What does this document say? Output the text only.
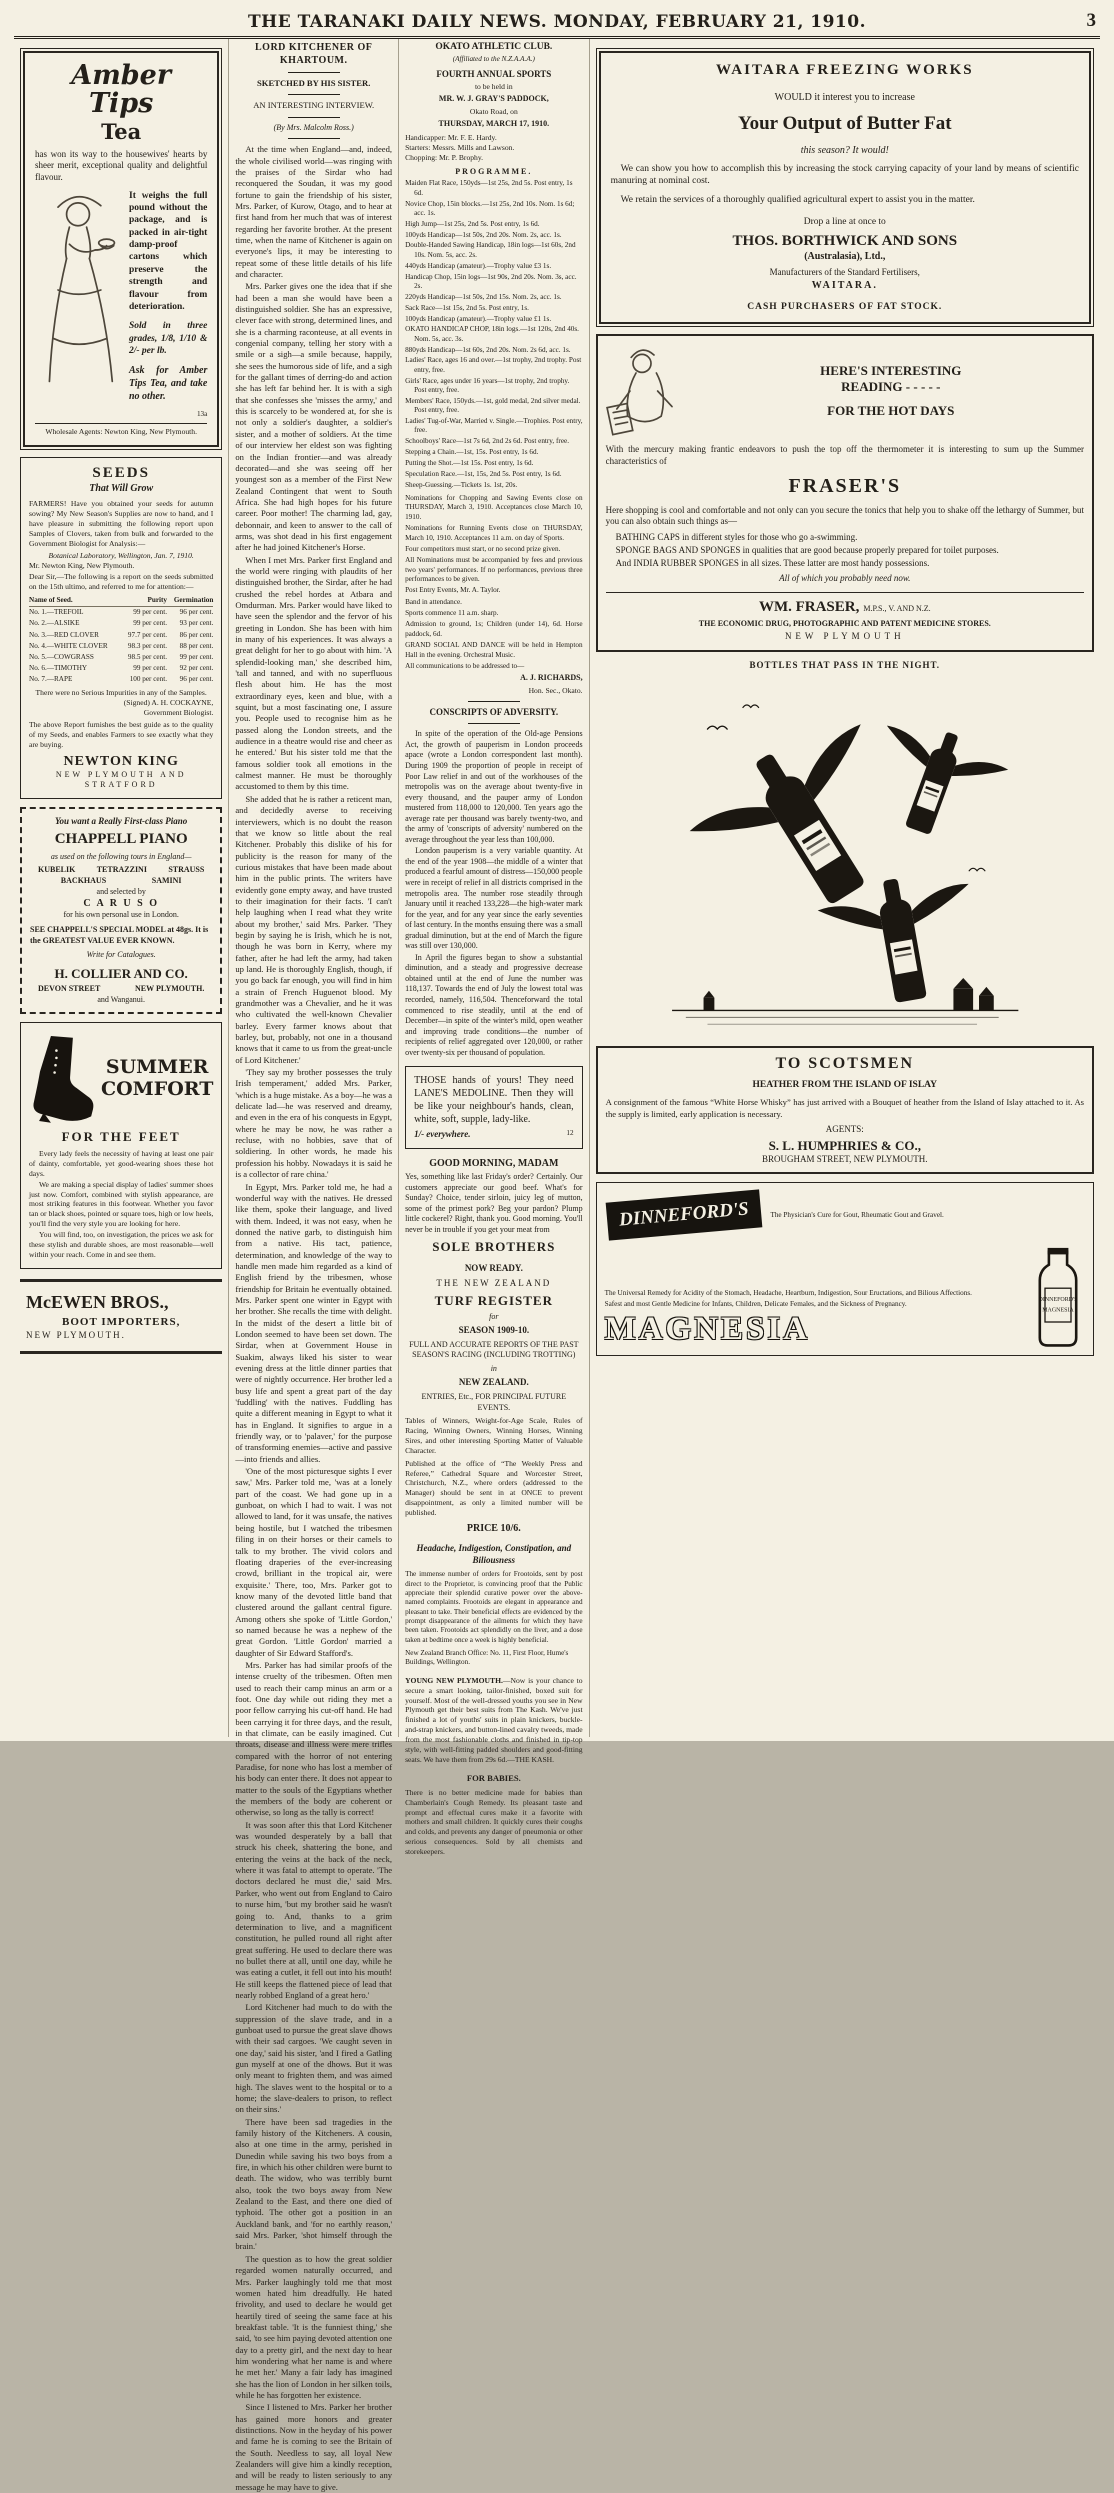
THE TARANAKI DAILY NEWS. MONDAY, FEBRUARY 21, 1910.	3
Amber Tips
Tea
has won its way to the housewives' hearts by sheer merit, exceptional quality and delightful flavour.
It weighs the full pound without the package, and is packed in air-tight damp-proof cartons which preserve the strength and flavour from deterioration.
Sold in three grades, 1/8, 1/10 & 2/- per lb.
Ask for Amber Tips Tea, and take no other.
13a
Wholesale Agents: Newton King, New Plymouth.
SEEDS
That Will Grow
FARMERS! Have you obtained your seeds for autumn sowing? My New Season's Supplies are now to hand, and I have pleasure in submitting the following report upon Samples of Clovers, taken from bulk and forwarded to the Government Biologist for Analysis:—
Botanical Laboratory, Wellington, Jan. 7, 1910.
Mr. Newton King, New Plymouth.
Dear Sir,—The following is a report on the seeds submitted on the 15th ultimo, and referred to me for attention:—
Name of Seed.	Purity	Germination
No. 1.—TREFOIL	99 per cent.	96 per cent.
No. 2.—ALSIKE	99 per cent.	93 per cent.
No. 3.—RED CLOVER	97.7 per cent.	86 per cent.
No. 4.—WHITE CLOVER	98.3 per cent.	88 per cent.
No. 5.—COWGRASS	98.5 per cent.	99 per cent.
No. 6.—TIMOTHY	99 per cent.	92 per cent.
No. 7.—RAPE	100 per cent.	96 per cent.
There were no Serious Impurities in any of the Samples.
(Signed) A. H. COCKAYNE,
Government Biologist.
The above Report furnishes the best guide as to the quality of my Seeds, and enables Farmers to see exactly what they are buying.
NEWTON KING
NEW PLYMOUTH AND STRATFORD
You want a Really First-class Piano
CHAPPELL PIANO
as used on the following tours in England—
KUBELIK	TETRAZZINI	STRAUSS
BACKHAUS	SAMINI
and selected by
C A R U S O
for his own personal use in London.
SEE CHAPPELL'S SPECIAL MODEL at 48gs. It is the GREATEST VALUE EVER KNOWN.
Write for Catalogues.
H. COLLIER AND CO.
DEVON STREET	NEW PLYMOUTH.
and Wanganui.
SUMMER
COMFORT
FOR THE FEET
Every lady feels the necessity of having at least one pair of dainty, comfortable, yet good-wearing shoes these hot days.
We are making a special display of ladies' summer shoes just now. Comfort, combined with stylish appearance, are most striking features in this footwear. Whether you favor tan or black shoes, pointed or square toes, high or low heels, you'll find the very style you are looking for here.
You will find, too, on investigation, the prices we ask for these stylish and durable shoes, are most reasonable—well within your reach. Come in and see them.
McEWEN BROS.,
BOOT IMPORTERS,
NEW PLYMOUTH.
LORD KITCHENER OF KHARTOUM.
SKETCHED BY HIS SISTER.
AN INTERESTING INTERVIEW.
(By Mrs. Malcolm Ross.)
At the time when England—and, indeed, the whole civilised world—was ringing with the praises of the Sirdar who had reconquered the Soudan, it was my good fortune to gain the friendship of his sister, Mrs. Parker, of Kurow, Otago, and to hear at first hand from her much that was of interest regarding her favorite brother. At the present time, when the name of Kitchener is again on everyone's lips, it may be interesting to repeat some of these little details of his life and character.
Mrs. Parker gives one the idea that if she had been a man she would have been a distinguished soldier. She has an expressive, clever face with strong, determined lines, and she is a charming raconteuse, at all events in congenial company, telling her story with a smile or a sigh—a smile because, happily, she sees the humorous side of life, and a sigh for the gallant times of derring-do and action she has left far behind her. It is with a sigh that she confesses she 'misses the army,' and this is scarcely to be wondered at, for she is not only a soldier's daughter, a soldier's sister, and a mother of soldiers. At the time of our interview her eldest son was fighting on the Indian frontier—and was already decorated—and she was seeing off her youngest son as a member of the First New Zealand Contingent that went to South Africa. She had high hopes for his future career. Poor mother! The charming lad, gay, debonnair, and keen to answer to the call of arms, was shot dead in his first engagement after he had joined Kitchener's Horse.
When I met Mrs. Parker first England and the world were ringing with plaudits of her distinguished brother, the Sirdar, after he had crushed the rebel hordes at Atbara and Omdurman. Mrs. Parker would have liked to have seen the splendor and the fervor of his greeting in London. She has been with him in many of his experiences. It was always a great delight for her to go about with him. 'A splendid-looking man,' she described him, 'tall and tanned, and with no superfluous flesh about him. He has the most extraordinary eyes, keen and blue, with a squint, but a most fascinating one, I assure you. People used to recognise him as he passed along the London streets, and the audience in a theatre would rise and cheer as he entered.' But his sister told me that the famous soldier took all emotions in the calmest manner. He must be thoroughly accustomed to them by this time.
She added that he is rather a reticent man, and decidedly averse to receiving interviewers, which is no doubt the reason that we know so little about the real Kitchener. Probably this dislike of his for publicity is the reason for many of the curious mistakes that have been made about him in the public prints. The writers have evidently gone empty away, and have trusted to their imagination for their facts. 'I can't help laughing when I read what they write about my brother,' said Mrs. Parker. 'They begin by saying he is Irish, which he is not, though he was born in Kerry, where my father, after he had left the army, had taken up land. He is thoroughly English, though, if you go back far enough, you will find in him a strain of French Huguenot blood. My grandmother was a Chevalier, and he it was who cultivated the well-known Chevalier barley. Every farmer knows about that barley, but, probably, not one in a thousand knows that it came to us from the great-uncle of Lord Kitchener.'
'They say my brother possesses the truly Irish temperament,' added Mrs. Parker, 'which is a huge mistake. As a boy—he was a delicate lad—he was reserved and dreamy, and even in the era of his conquests in Egypt, where he may be now, he was rather a recluse, with no hobbies, save that of soldiering. In other words, he made his profession his hobby. Nowadays it is said he is a collector of rare china.'
In Egypt, Mrs. Parker told me, he had a wonderful way with the natives. He dressed like them, spoke their language, and lived with them. Indeed, it was not easy, when he donned the native garb, to distinguish him from a native. His tact, patience, determination, and knowledge of the way to handle men made him regarded as a kind of English friend by the tribesmen, whose friendship for Britain he eventually obtained. Mrs. Parker spent one winter in Egypt with her brother. She recalls the time with delight. In the midst of the desert a little bit of London seemed to have been set down. The Sirdar, when at Government House in Suakim, always liked his sister to wear evening dress at the little dinner parties that were of nightly occurrence. Her brother led a busy life and spent a great part of the day 'fuddling' with the natives. Fuddling has quite a different meaning in Egypt to what it has in England. It signifies to argue in a friendly way, or to 'palaver,' for the purpose of transforming enemies—active and passive—into friends and allies.
'One of the most picturesque sights I ever saw,' Mrs. Parker told me, 'was at a lonely part of the coast. We had gone up in a gunboat, on which I had to wait. I was not allowed to land, for it was unsafe, the natives being hostile, but I watched the tribesmen filing in on their horses or their camels to talk to my brother. The vivid colors and floating draperies of the ever-increasing crowd, brilliant in the tropical air, were exquisite.' There, too, Mrs. Parker got to know many of the devoted little band that clustered around the gallant central figure. Among others she spoke of 'Little Gordon,' so named because he was a nephew of the great Gordon. 'Little Gordon' married a daughter of Sir Edward Stafford's.
Mrs. Parker has had similar proofs of the intense cruelty of the tribesmen. Often men used to reach their camp minus an arm or a foot. One day while out riding they met a poor fellow carrying his cut-off hand. He had been carrying it for three days, and the result, in that climate, can be easily imagined. Cut throats, disease and illness were mere trifles compared with the horror of not entering Paradise, for none who has lost a member of his body can enter there. It does not appear to matter to the souls of the Egyptians whether the members of the body are coherent or otherwise, so long as the tally is correct!
It was soon after this that Lord Kitchener was wounded desperately by a ball that struck his cheek, shattering the bone, and entering the veins at the back of the neck, where it was fatal to attempt to operate. 'The doctors declared he must die,' said Mrs. Parker, who went out from England to Cairo to nurse him, 'but my brother said he wasn't going to. And, thanks to a grim determination to live, and a magnificent constitution, he pulled round all right after great suffering. He used to declare there was no bullet there at all, until one day, while he was eating a cutlet, it fell out into his mouth! He still keeps the flattened piece of lead that nearly robbed England of a great hero.'
Lord Kitchener had much to do with the suppression of the slave trade, and in a gunboat used to pursue the great slave dhows with their sad cargoes. 'We caught seven in one day,' said his sister, 'and I fired a Gatling gun myself at one of the dhows. But it was only meant to frighten them, and was aimed high. The slaves went to the hospital or to a home; the slave-dealers to prison, to reflect on their sins.'
There have been sad tragedies in the family history of the Kitcheners. A cousin, also at one time in the army, perished in Dunedin while saving his two boys from a fire, in which his other children were burnt to death. The widow, who was terribly burnt also, took the two boys away from New Zealand to the East, and there one died of typhoid. The other got a position in an Auckland bank, and 'for no earthly reason,' said Mrs. Parker, 'shot himself through the brain.'
The question as to how the great soldier regarded women naturally occurred, and Mrs. Parker laughingly told me that most women hated him dreadfully. He hated frivolity, and used to declare he would get heartily tired of seeing the same face at his breakfast table. 'It is the funniest thing,' she said, 'to see him paying devoted attention one day to a pretty girl, and the next day to hear him wondering what her name is and where he met her.' Many a fair lady has imagined she has the lion of London in her silken toils, while he has forgotten her existence.
Since I listened to Mrs. Parker her brother has gained more honors and greater distinctions. Now in the heyday of his power and fame he is coming to see the Britain of the South. Needless to say, all loyal New Zealanders will give him a kindly reception, and will be ready to listen seriously to any message he may have to give.
OKATO ATHLETIC CLUB.
(Affiliated to the N.Z.A.A.A.)
FOURTH ANNUAL SPORTS
to be held in
MR. W. J. GRAY'S PADDOCK,
Okato Road, on
THURSDAY, MARCH 17, 1910.
Handicapper: Mr. F. E. Hardy.
Starters: Messrs. Mills and Lawson.
Chopping: Mr. P. Brophy.
PROGRAMME.
Maiden Flat Race, 150yds—1st 25s, 2nd 5s. Post entry, 1s 6d.
Novice Chop, 15in blocks.—1st 25s, 2nd 10s. Nom. 1s 6d; acc. 1s.
High Jump—1st 25s, 2nd 5s. Post entry, 1s 6d.
100yds Handicap—1st 50s, 2nd 20s. Nom. 2s, acc. 1s.
Double-Handed Sawing Handicap, 18in logs—1st 60s, 2nd 10s. Nom. 5s, acc. 2s.
440yds Handicap (amateur).—Trophy value £3 1s.
Handicap Chop, 15in logs—1st 90s, 2nd 20s. Nom. 3s, acc. 2s.
220yds Handicap—1st 50s, 2nd 15s. Nom. 2s, acc. 1s.
Sack Race—1st 15s, 2nd 5s. Post entry, 1s.
100yds Handicap (amateur).—Trophy value £1 1s.
OKATO HANDICAP CHOP, 18in logs.—1st 120s, 2nd 40s. Nom. 5s, acc. 3s.
880yds Handicap—1st 60s, 2nd 20s. Nom. 2s 6d, acc. 1s.
Ladies' Race, ages 16 and over.—1st trophy, 2nd trophy. Post entry, free.
Girls' Race, ages under 16 years—1st trophy, 2nd trophy. Post entry, free.
Members' Race, 150yds.—1st, gold medal, 2nd silver medal. Post entry, free.
Ladies' Tug-of-War, Married v. Single.—Trophies. Post entry, free.
Schoolboys' Race—1st 7s 6d, 2nd 2s 6d. Post entry, free.
Stepping a Chain.—1st, 15s. Post entry, 1s 6d.
Putting the Shot.—1st 15s. Post entry, 1s 6d.
Speculation Race.—1st, 15s, 2nd 5s. Post entry, 1s 6d.
Sheep-Guessing.—Tickets 1s. 1st, 20s.
Nominations for Chopping and Sawing Events close on THURSDAY, March 3, 1910. Acceptances close March 10, 1910.
Nominations for Running Events close on THURSDAY, March 10, 1910. Acceptances 11 a.m. on day of Sports.
Four competitors must start, or no second prize given.
All Nominations must be accompanied by fees and previous two years' performances. If no performances, previous three performances to be given.
Post Entry Events, Mr. A. Taylor.
Band in attendance.
Sports commence 11 a.m. sharp.
Admission to ground, 1s; Children (under 14), 6d. Horse paddock, 6d.
GRAND SOCIAL AND DANCE will be held in Hempton Hall in the evening. Orchestral Music.
All communications to be addressed to—
A. J. RICHARDS,
Hon. Sec., Okato.
CONSCRIPTS OF ADVERSITY.
In spite of the operation of the Old-age Pensions Act, the growth of pauperism in London proceeds apace (wrote a London correspondent last month). During 1909 the proportion of people in receipt of Poor Law relief in and out of the workhouses of the metropolis was on the average about twenty-five in every thousand, and the pauper army of London mustered from 118,000 to 120,000. Ten years ago the average rate per thousand was barely twenty-two, and the army of 'conscripts of adversity' numbered on the average throughout the year less than 100,000.
London pauperism is a very variable quantity. At the end of the year 1908—the middle of a winter that produced a fearful amount of distress—150,000 people were in receipt of relief in all districts comprised in the metropolis area. The number rose steadily through January until it reached 133,228—the high-water mark for the year, and for any year since the early seventies of last century. In the months ensuing there was a small gradual diminution, but at the end of March the figure was still over 130,000.
In April the figures began to show a substantial diminution, and a steady and progressive decrease obtained until at the end of June the number was 118,137. Towards the end of July the lowest total was recorded, namely, 116,504. Thenceforward the total commenced to rise steadily, until at the end of December—in spite of the winter's mild, open weather and improving trade conditions—the number of recipients of relief aggregated over 120,000, or rather over twenty-six per thousand of population.
THOSE hands of yours! They need LANE'S MEDOLINE. Then they will be like your neighbour's hands, clean, white, soft, supple, lady-like.
1/- everywhere.	12
GOOD MORNING, MADAM
Yes, something like last Friday's order? Certainly. Our customers appreciate our good beef. What's for Sunday? Choice, tender sirloin, juicy leg of mutton, some of the primest pork? Beg your pardon? Plump little cockerel? Right, thank you. Good morning. You'll never be in trouble if you get your meat from
SOLE BROTHERS
NOW READY.
THE NEW ZEALAND
TURF REGISTER
for
SEASON 1909-10.
FULL AND ACCURATE REPORTS OF THE PAST SEASON'S RACING (INCLUDING TROTTING)
in
NEW ZEALAND.
ENTRIES, Etc., FOR PRINCIPAL FUTURE EVENTS.
Tables of Winners, Weight-for-Age Scale, Rules of Racing, Winning Owners, Winning Horses, Winning Sires, and other interesting Sporting Matter of Valuable Character.
Published at the office of “The Weekly Press and Referee,” Cathedral Square and Worcester Street, Christchurch, N.Z., where orders (addressed to the Manager) should be sent in at ONCE to prevent disappointment, as only a limited number will be published.
PRICE 10/6.
Headache, Indigestion, Constipation, and Biliousness
The immense number of orders for Frootoids, sent by post direct to the Proprietor, is convincing proof that the Public appreciate their splendid curative power over the above-named complaints. Frootoids are elegant in appearance and pleasant to take. Their beneficial effects are evidenced by the prompt disappearance of the ailments for which they have been taken. Frootoids act splendidly on the liver, and a dose taken at bedtime once a week is highly beneficial.
New Zealand Branch Office: No. 11, First Floor, Hume's Buildings, Wellington.
YOUNG NEW PLYMOUTH.—Now is your chance to secure a smart looking, tailor-finished, boxed suit for yourself. Most of the well-dressed youths you see in New Plymouth get their best suits from The Kash. We've just finished a lot of youths' suits in plain knickers, buckle-and-strap knickers, and button-lined cavalry tweeds, made from the most fashionable cloths and finished in tip-top style, with well-fitting padded shoulders and good-fitting seats. We have them from 29s 6d.—THE KASH.
FOR BABIES.
There is no better medicine made for babies than Chamberlain's Cough Remedy. Its pleasant taste and prompt and effectual cures make it a favorite with mothers and small children. It quickly cures their coughs and colds, and prevents any danger of pneumonia or other serious consequences. Sold by all chemists and storekeepers.
WAITARA FREEZING WORKS
WOULD it interest you to increase
Your Output of Butter Fat
this season? It would!
We can show you how to accomplish this by increasing the stock carrying capacity of your land by means of scientific manuring at nominal cost.
We retain the services of a thoroughly qualified agricultural expert to assist you in the matter.
Drop a line at once to
THOS. BORTHWICK AND SONS
(Australasia), Ltd.,
Manufacturers of the Standard Fertilisers,
WAITARA.
CASH PURCHASERS OF FAT STOCK.
HERE'S INTERESTING
READING - - - - -
FOR THE HOT DAYS
With the mercury making frantic endeavors to push the top off the thermometer it is interesting to sum up the Summer characteristics of
FRASER'S
Here shopping is cool and comfortable and not only can you secure the tonics that help you to shake off the lethargy of Summer, but you can also obtain such things as—
BATHING CAPS in different styles for those who go a-swimming.
SPONGE BAGS AND SPONGES in qualities that are good because properly prepared for toilet purposes.
And INDIA RUBBER SPONGES in all sizes. These latter are most handy possessions.
All of which you probably need now.
WM. FRASER, M.P.S., V. AND N.Z.
THE ECONOMIC DRUG, PHOTOGRAPHIC AND PATENT MEDICINE STORES.
NEW PLYMOUTH
BOTTLES THAT PASS IN THE NIGHT.
TO SCOTSMEN
HEATHER FROM THE ISLAND OF ISLAY
A consignment of the famous “White Horse Whisky” has just arrived with a Bouquet of heather from the Island of Islay attached to it. As the supply is limited, early application is necessary.
AGENTS:
S. L. HUMPHRIES & CO.,
BROUGHAM STREET, NEW PLYMOUTH.
DINNEFORD'S	The Physician's Cure for Gout, Rheumatic Gout and Gravel.
The Universal Remedy for Acidity of the Stomach, Headache, Heartburn, Indigestion, Sour Eructations, and Bilious Affections.
Safest and most Gentle Medicine for Infants, Children, Delicate Females, and the Sickness of Pregnancy.
MAGNESIA
DINNEFORD'S
MAGNESIA
